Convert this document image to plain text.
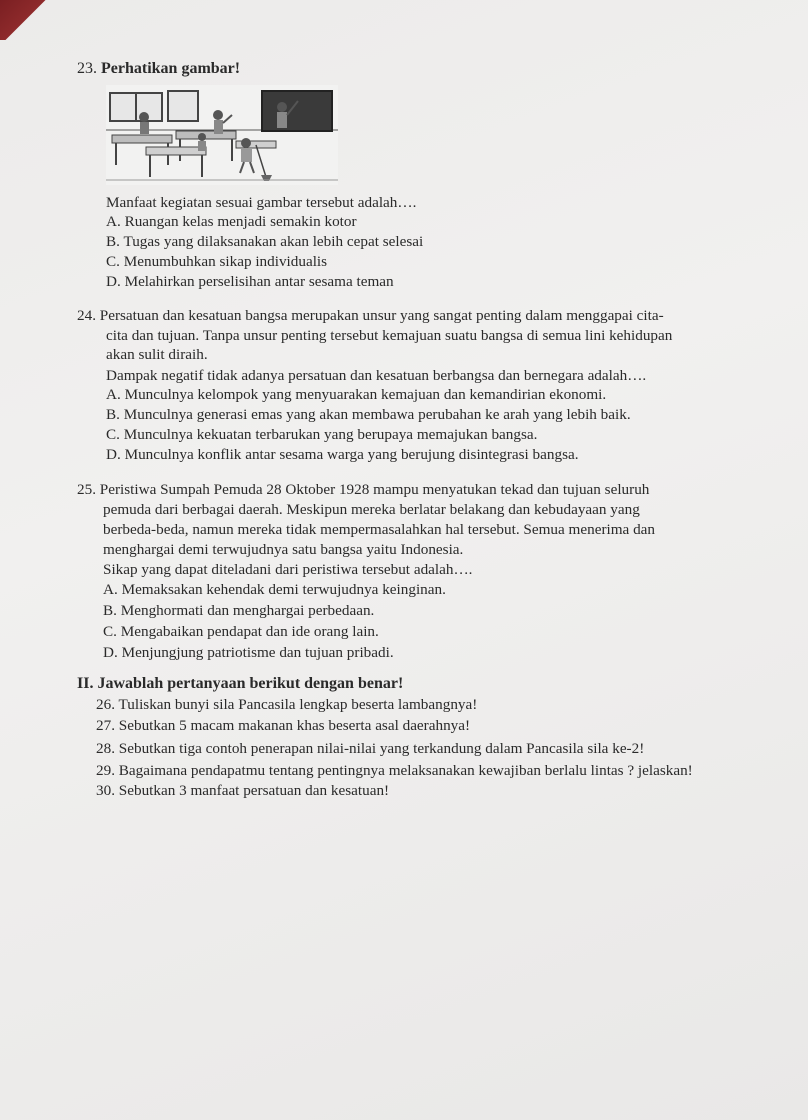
23. Perhatikan gambar!
Manfaat kegiatan sesuai gambar tersebut adalah….
A. Ruangan kelas menjadi semakin kotor
B. Tugas yang dilaksanakan akan lebih cepat selesai
C. Menumbuhkan sikap individualis
D. Melahirkan perselisihan antar sesama teman
24. Persatuan dan kesatuan bangsa merupakan unsur yang sangat penting dalam menggapai cita-
cita dan tujuan. Tanpa unsur penting tersebut kemajuan suatu bangsa di semua lini kehidupan
akan sulit diraih.
Dampak negatif tidak adanya persatuan dan kesatuan berbangsa dan bernegara adalah….
A. Munculnya kelompok yang menyuarakan kemajuan dan kemandirian ekonomi.
B. Munculnya generasi emas yang akan membawa perubahan ke arah yang lebih baik.
C. Munculnya kekuatan terbarukan yang berupaya memajukan bangsa.
D. Munculnya konflik antar sesama warga yang berujung disintegrasi bangsa.
25. Peristiwa Sumpah Pemuda 28 Oktober 1928 mampu menyatukan tekad dan tujuan seluruh
pemuda dari berbagai daerah. Meskipun mereka berlatar belakang dan kebudayaan yang
berbeda-beda, namun mereka tidak mempermasalahkan hal tersebut. Semua menerima dan
menghargai demi terwujudnya satu bangsa yaitu Indonesia.
Sikap yang dapat diteladani dari peristiwa tersebut adalah….
A. Memaksakan kehendak demi terwujudnya keinginan.
B. Menghormati dan menghargai perbedaan.
C. Mengabaikan pendapat dan ide orang lain.
D. Menjungjung patriotisme dan tujuan pribadi.
II. Jawablah pertanyaan berikut dengan benar!
26. Tuliskan bunyi sila Pancasila lengkap beserta lambangnya!
27. Sebutkan 5 macam makanan khas beserta asal daerahnya!
28. Sebutkan tiga contoh penerapan nilai-nilai yang terkandung dalam Pancasila sila ke-2!
29. Bagaimana pendapatmu tentang pentingnya melaksanakan kewajiban berlalu lintas ? jelaskan!
30. Sebutkan 3 manfaat persatuan dan kesatuan!
